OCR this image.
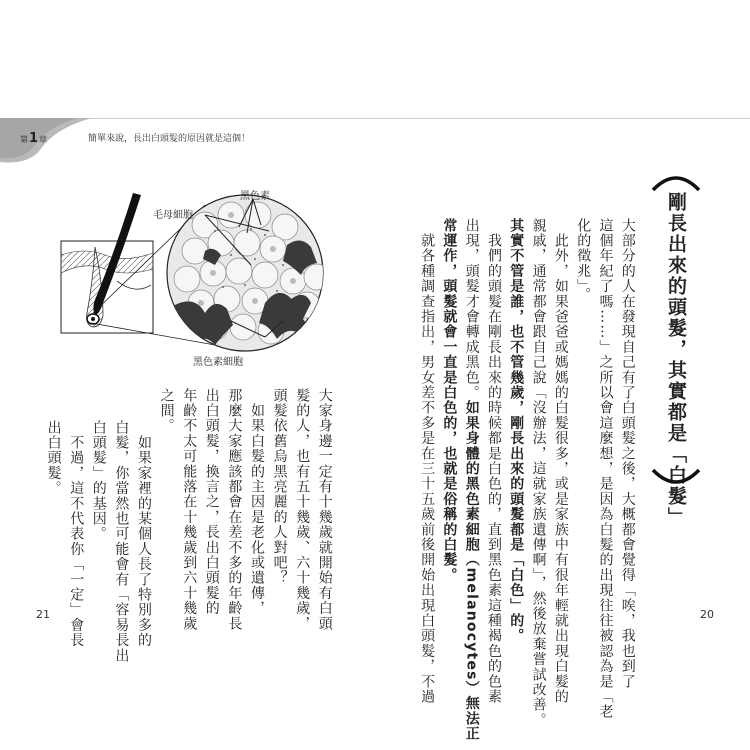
第1章	簡單來說，長出白頭髮的原因就是這個！
剛長出來的頭髮，其實都是「白髮」
大部分的人在發現自己有了白頭髮之後，大概都會覺得「唉，我也到了
這個年紀了嗎……」之所以會這麼想，是因為白髮的出現往往被認為是「老
化的徵兆」。
　此外，如果爸爸或媽媽的白髮很多，或是家族中有很年輕就出現白髮的
親戚，通常都會跟自己說「沒辦法，這就家族遺傳啊」，然後放棄嘗試改善。
其實不管是誰，也不管幾歲，剛長出來的頭髮都是「白色」的。
　我們的頭髮在剛長出來的時候都是白色的，直到黑色素這種褐色的色素
出現，頭髮才會轉成黑色。如果身體的黑色素細胞（melanocytes）無法正
常運作，頭髮就會一直是白色的，也就是俗稱的白髮。
　就各種調查指出，男女差不多是在三十五歲前後開始出現白頭髮，不過
大家身邊一定有十幾歲就開始有白頭
髮的人，也有五十幾歲、六十幾歲，
頭髮依舊烏黑亮麗的人對吧？
　如果白髮的主因是老化或遺傳，
那麼大家應該都會在差不多的年齡長
出白頭髮，換言之，長出白頭髮的
年齡不太可能落在十幾歲到六十幾歲
之間。
　如果家裡的某個人長了特別多的
白髮，你當然也可能會有「容易長出
白頭髮」的基因。
　不過，這不代表你「一定」會長
出白頭髮。
黑色素
毛母細胞
黑色素細胞
21	20
